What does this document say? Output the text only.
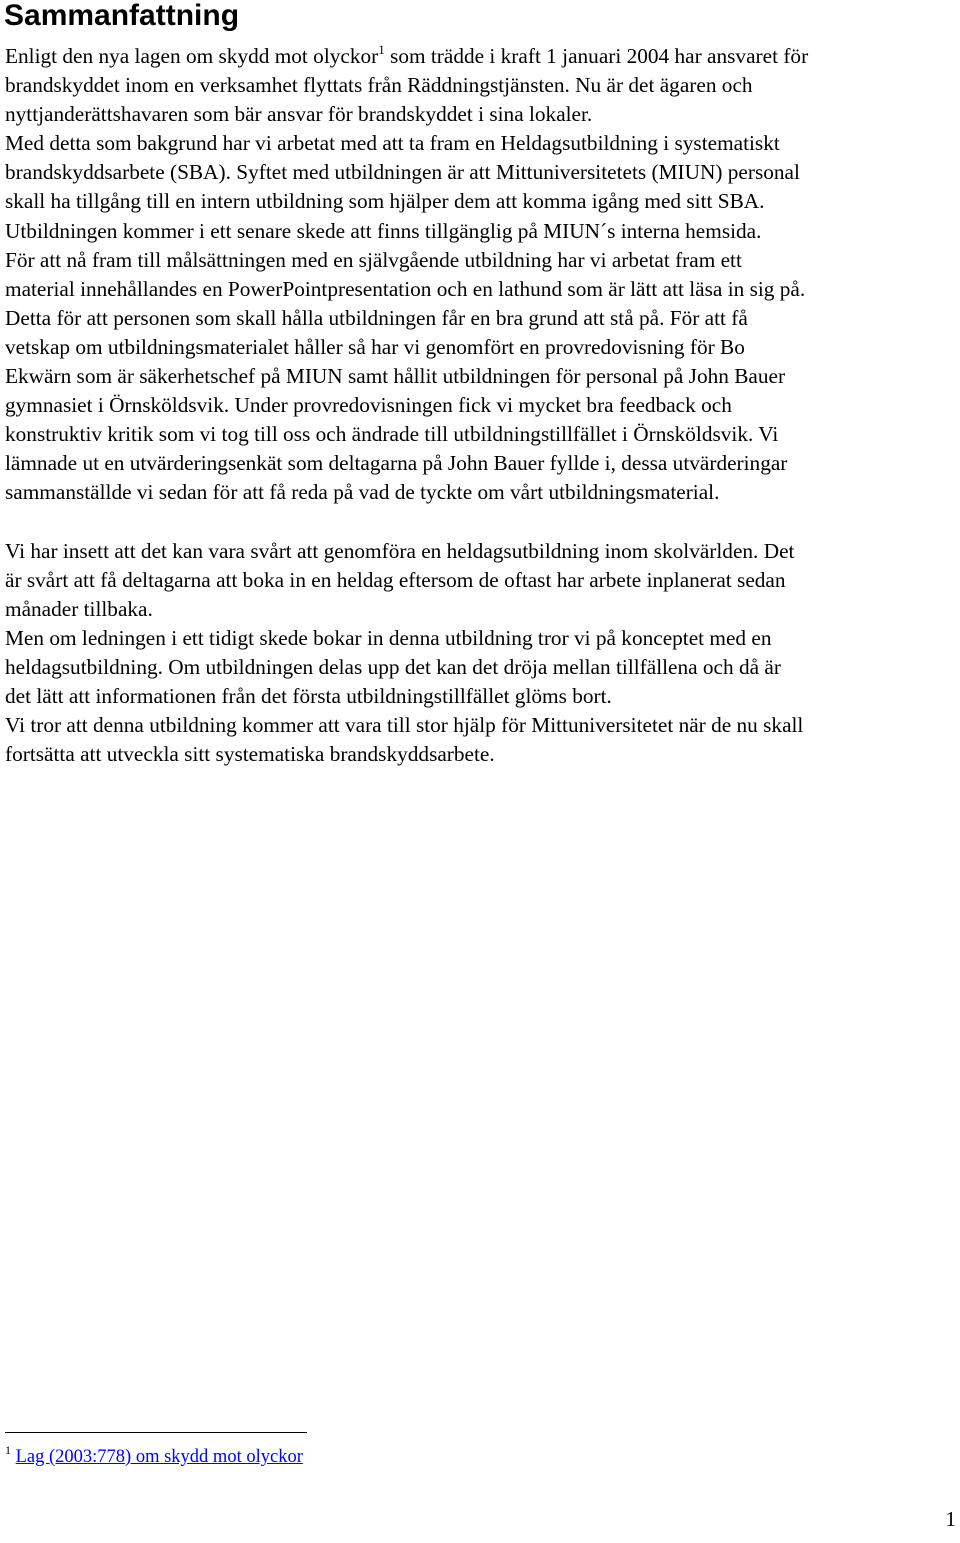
Sammanfattning
Enligt den nya lagen om skydd mot olyckor$^1$ som trädde i kraft 1 januari 2004 har ansvaret för
brandskyddet inom en verksamhet flyttats från Räddningstjänsten. Nu är det ägaren och
nyttjanderättshavaren som bär ansvar för brandskyddet i sina lokaler.
Med detta som bakgrund har vi arbetat med att ta fram en Heldagsutbildning i systematiskt
brandskyddsarbete (SBA). Syftet med utbildningen är att Mittuniversitetets (MIUN) personal
skall ha tillgång till en intern utbildning som hjälper dem att komma igång med sitt SBA.
Utbildningen kommer i ett senare skede att finns tillgänglig på MIUN´s interna hemsida.
För att nå fram till målsättningen med en självgående utbildning har vi arbetat fram ett
material innehållandes en PowerPointpresentation och en lathund som är lätt att läsa in sig på.
Detta för att personen som skall hålla utbildningen får en bra grund att stå på. För att få
vetskap om utbildningsmaterialet håller så har vi genomfört en provredovisning för Bo
Ekwärn som är säkerhetschef på MIUN samt hållit utbildningen för personal på John Bauer
gymnasiet i Örnsköldsvik. Under provredovisningen fick vi mycket bra feedback och
konstruktiv kritik som vi tog till oss och ändrade till utbildningstillfället i Örnsköldsvik. Vi
lämnade ut en utvärderingsenkät som deltagarna på John Bauer fyllde i, dessa utvärderingar
sammanställde vi sedan för att få reda på vad de tyckte om vårt utbildningsmaterial.
Vi har insett att det kan vara svårt att genomföra en heldagsutbildning inom skolvärlden. Det
är svårt att få deltagarna att boka in en heldag eftersom de oftast har arbete inplanerat sedan
månader tillbaka.
Men om ledningen i ett tidigt skede bokar in denna utbildning tror vi på konceptet med en
heldagsutbildning. Om utbildningen delas upp det kan det dröja mellan tillfällena och då är
det lätt att informationen från det första utbildningstillfället glöms bort.
Vi tror att denna utbildning kommer att vara till stor hjälp för Mittuniversitetet när de nu skall
fortsätta att utveckla sitt systematiska brandskyddsarbete.
$^1$ Lag (2003:778) om skydd mot olyckor
1
